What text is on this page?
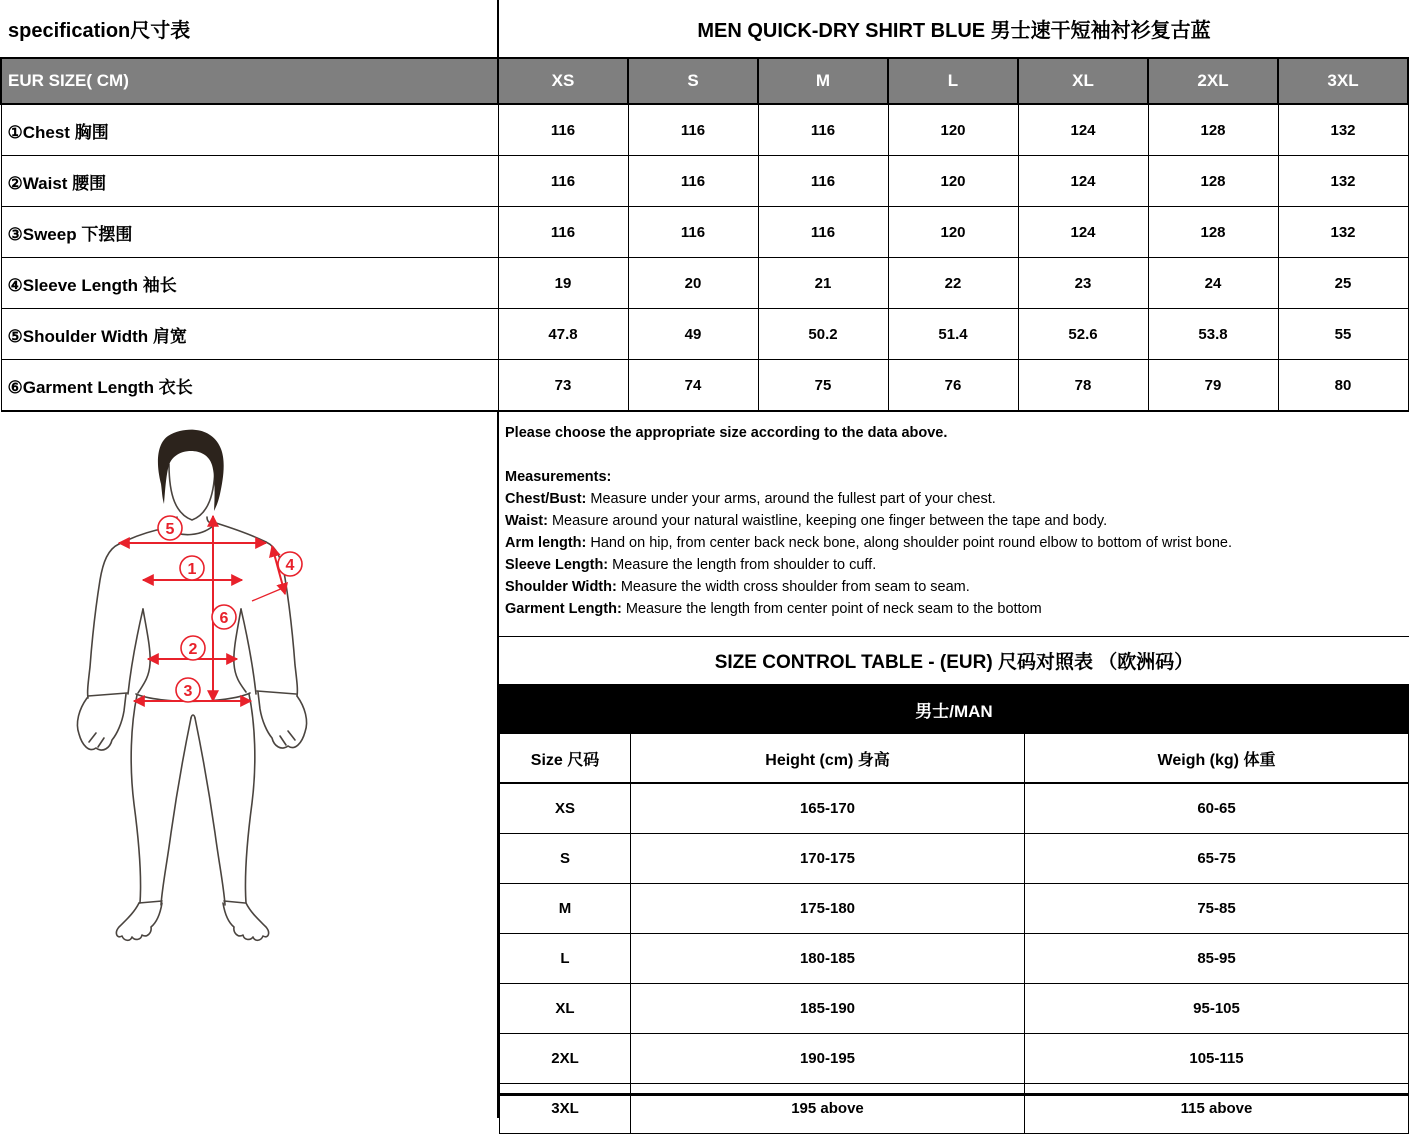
specification尺寸表	MEN QUICK-DRY SHIRT BLUE 男士速干短袖衬衫复古蓝
EUR SIZE( CM)	XS	S	M	L	XL	2XL	3XL
①Chest 胸围	116	116	116	120	124	128	132
②Waist 腰围	116	116	116	120	124	128	132
③Sweep 下摆围	116	116	116	120	124	128	132
④Sleeve Length 袖长	19	20	21	22	23	24	25
⑤Shoulder Width 肩宽	47.8	49	50.2	51.4	52.6	53.8	55
⑥Garment Length 衣长	73	74	75	76	78	79	80
5
1	4
6
2
3

Please choose the appropriate size according to the data above.

Measurements:

Chest/Bust: Measure under your arms, around the fullest part of your chest.

Waist: Measure around your natural waistline, keeping one finger between the tape and body.

Arm length: Hand on hip, from center back neck bone, along shoulder point round elbow to bottom of wrist bone.

Sleeve Length: Measure the length from shoulder to cuff.

Shoulder Width: Measure the width cross shoulder from seam to seam.

Garment Length: Measure the length from center point of neck seam to the bottom

SIZE CONTROL TABLE - (EUR) 尺码对照表 （欧洲码）
男士/MAN
Size 尺码	Height (cm) 身高	Weigh (kg) 体重
XS	165-170	60-65
S	170-175	65-75
M	175-180	75-85
L	180-185	85-95
XL	185-190	95-105
2XL	190-195	105-115
3XL	195 above	115 above
